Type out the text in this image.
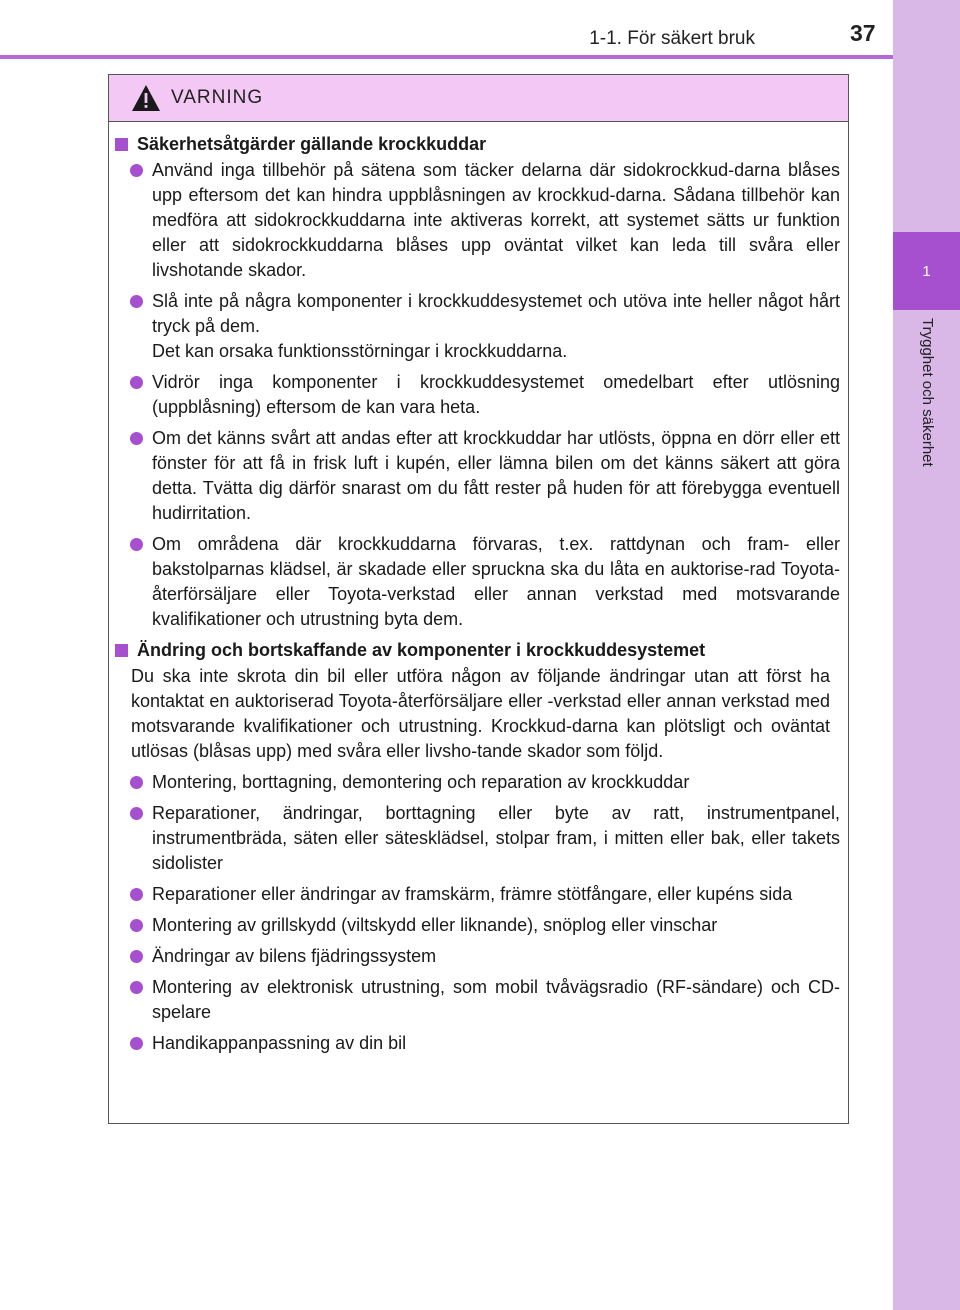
1
Trygghet och säkerhet
1-1. För säkert bruk	37
VARNING
Säkerhetsåtgärder gällande krockkuddar
Använd inga tillbehör på sätena som täcker delarna där sidokrockkud-darna blåses upp eftersom det kan hindra uppblåsningen av krockkud-darna. Sådana tillbehör kan medföra att sidokrockkuddarna inte aktiveras korrekt, att systemet sätts ur funktion eller att sidokrockkuddarna blåses upp oväntat vilket kan leda till svåra eller livshotande skador.
Slå inte på några komponenter i krockkuddesystemet och utöva inte heller något hårt tryck på dem.
Det kan orsaka funktionsstörningar i krockkuddarna.
Vidrör inga komponenter i krockkuddesystemet omedelbart efter utlösning (uppblåsning) eftersom de kan vara heta.
Om det känns svårt att andas efter att krockkuddar har utlösts, öppna en dörr eller ett fönster för att få in frisk luft i kupén, eller lämna bilen om det känns säkert att göra detta. Tvätta dig därför snarast om du fått rester på huden för att förebygga eventuell hudirritation.
Om områdena där krockkuddarna förvaras, t.ex. rattdynan och fram- eller bakstolparnas klädsel, är skadade eller spruckna ska du låta en auktorise-rad Toyota-återförsäljare eller Toyota-verkstad eller annan verkstad med motsvarande kvalifikationer och utrustning byta dem.
Ändring och bortskaffande av komponenter i krockkuddesystemet
Du ska inte skrota din bil eller utföra någon av följande ändringar utan att först ha kontaktat en auktoriserad Toyota-återförsäljare eller -verkstad eller annan verkstad med motsvarande kvalifikationer och utrustning. Krockkud-darna kan plötsligt och oväntat utlösas (blåsas upp) med svåra eller livsho-tande skador som följd.
Montering, borttagning, demontering och reparation av krockkuddar
Reparationer, ändringar, borttagning eller byte av ratt, instrumentpanel, instrumentbräda, säten eller sätesklädsel, stolpar fram, i mitten eller bak, eller takets sidolister
Reparationer eller ändringar av framskärm, främre stötfångare, eller kupéns sida
Montering av grillskydd (viltskydd eller liknande), snöplog eller vinschar
Ändringar av bilens fjädringssystem
Montering av elektronisk utrustning, som mobil tvåvägsradio (RF-sändare) och CD-spelare
Handikappanpassning av din bil
